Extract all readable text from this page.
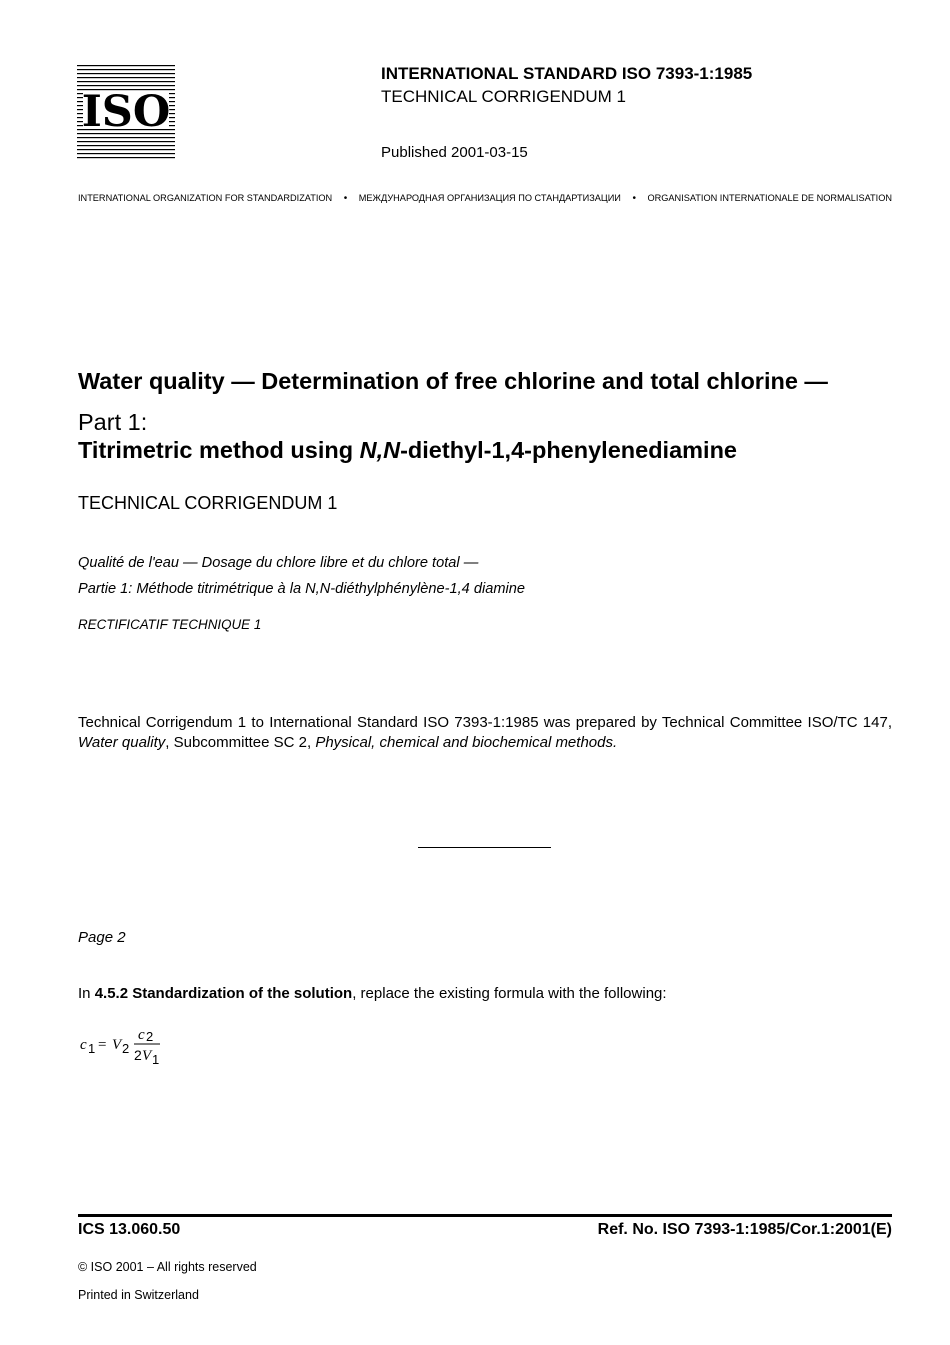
ISO
INTERNATIONAL STANDARD ISO 7393-1:1985
TECHNICAL CORRIGENDUM 1
Published 2001-03-15
INTERNATIONAL ORGANIZATION FOR STANDARDIZATION • МЕЖДУНАРОДНАЯ ОРГАНИЗАЦИЯ ПО СТАНДАРТИЗАЦИИ • ORGANISATION INTERNATIONALE DE NORMALISATION
Water quality — Determination of free chlorine and total chlorine —
Part 1:
Titrimetric method using N,N-diethyl-1,4-phenylenediamine
TECHNICAL CORRIGENDUM 1
Qualité de l'eau — Dosage du chlore libre et du chlore total —
Partie 1: Méthode titrimétrique à la N,N-diéthylphénylène-1,4 diamine
RECTIFICATIF TECHNIQUE 1
Technical Corrigendum 1 to International Standard ISO 7393-1:1985 was prepared by Technical Committee ISO/TC 147, Water quality, Subcommittee SC 2, Physical, chemical and biochemical methods.
Page 2
In 4.5.2 Standardization of the solution, replace the existing formula with the following:
c 1 = V 2
c 2
2 V 1
ICS 13.060.50	Ref. No. ISO 7393-1:1985/Cor.1:2001(E)
© ISO 2001 – All rights reserved
Printed in Switzerland
